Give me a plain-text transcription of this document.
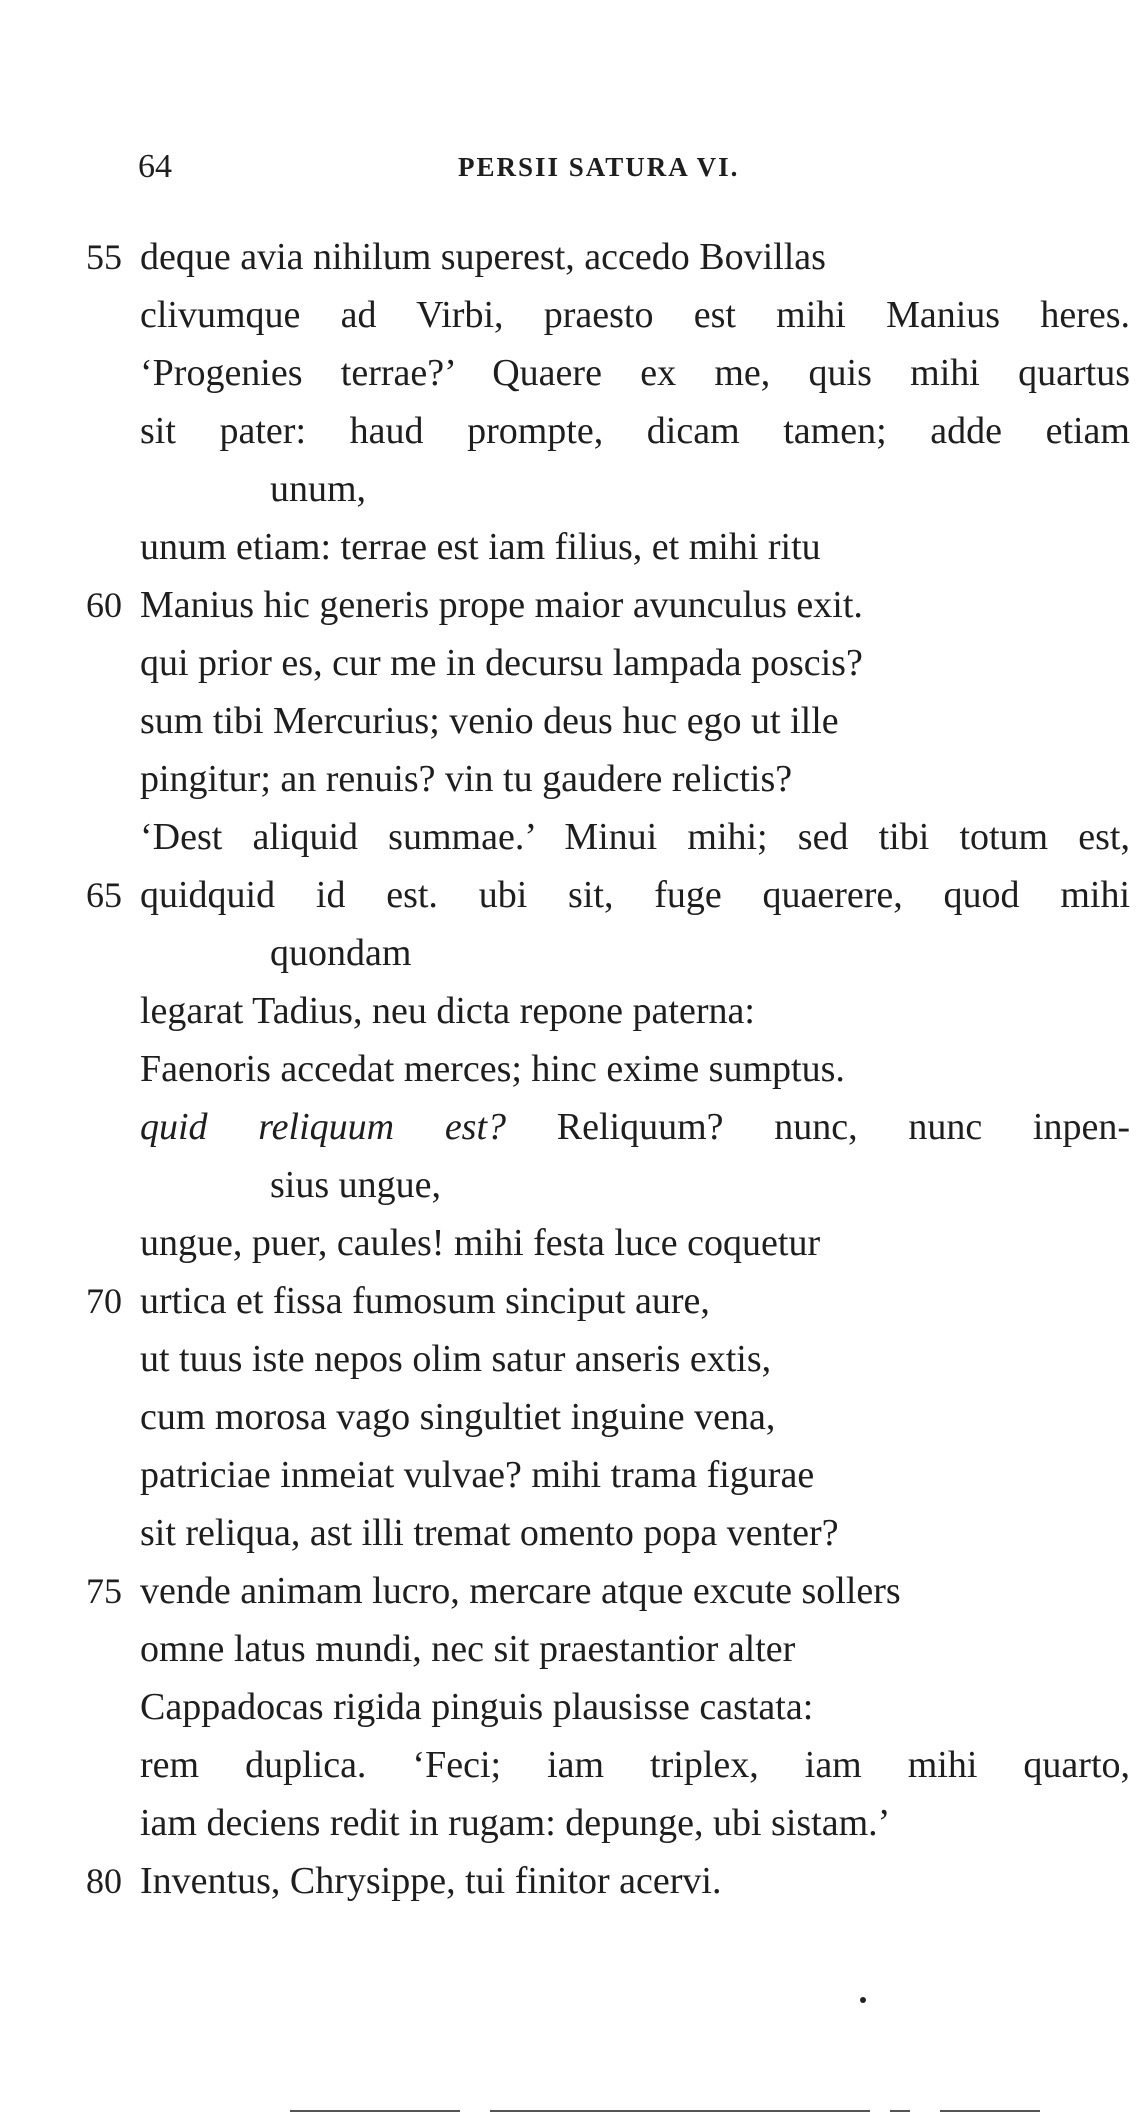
64	PERSII SATURA VI.
55 deque avia nihilum superest, accedo Bovillas
clivumque ad Virbi, praesto est mihi Manius heres.
‘Progenies terrae?’ Quaere ex me, quis mihi quartus
sit pater: haud prompte, dicam tamen; adde etiam
unum,
unum etiam: terrae est iam filius, et mihi ritu
60 Manius hic generis prope maior avunculus exit.
qui prior es, cur me in decursu lampada poscis?
sum tibi Mercurius; venio deus huc ego ut ille
pingitur; an renuis? vin tu gaudere relictis?
‘Dest aliquid summae.’ Minui mihi; sed tibi totum est,
65 quidquid id est. ubi sit, fuge quaerere, quod mihi
quondam
legarat Tadius, neu dicta repone paterna:
Faenoris accedat merces; hinc exime sumptus.
quid reliquum est? Reliquum? nunc, nunc inpen-
sius ungue,
ungue, puer, caules! mihi festa luce coquetur
70 urtica et fissa fumosum sinciput aure,
ut tuus iste nepos olim satur anseris extis,
cum morosa vago singultiet inguine vena,
patriciae inmeiat vulvae? mihi trama figurae
sit reliqua, ast illi tremat omento popa venter?
75 vende animam lucro, mercare atque excute sollers
omne latus mundi, nec sit praestantior alter
Cappadocas rigida pinguis plausisse castata:
rem duplica. ‘Feci; iam triplex, iam mihi quarto,
iam deciens redit in rugam: depunge, ubi sistam.’
80 Inventus, Chrysippe, tui finitor acervi.
